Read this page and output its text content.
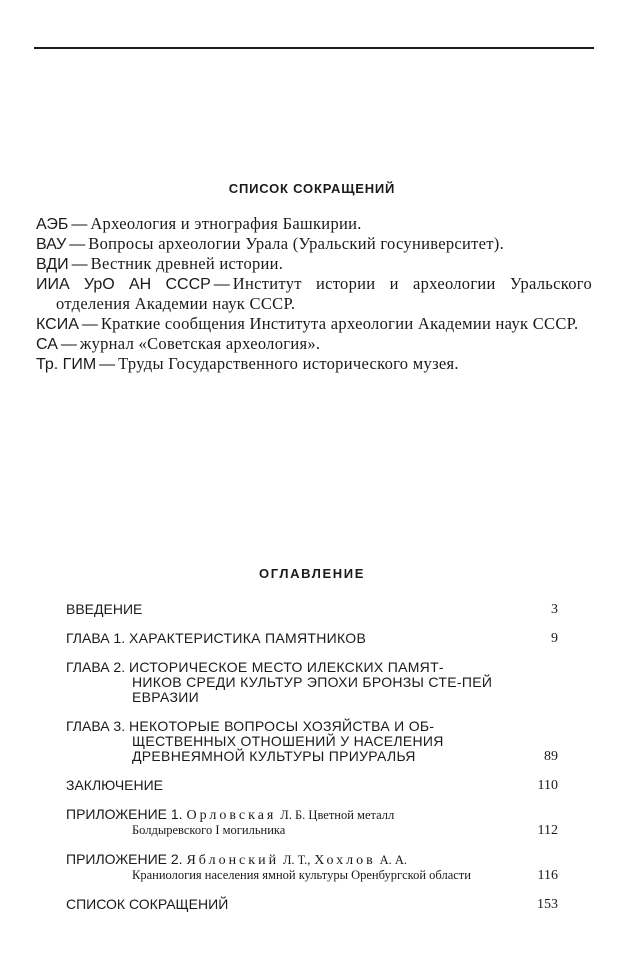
СПИСОК СОКРАЩЕНИЙ

АЭБ — Археология и этнография Башкирии.

ВАУ — Вопросы археологии Урала (Уральский госуниверситет).

ВДИ — Вестник древней истории.

ИИА УрО АН СССР — Институт истории и археологии Уральского отделения Академии наук СССР.

КСИА — Краткие сообщения Института археологии Академии наук СССР.

СА — журнал «Советская археология».

Тр. ГИМ — Труды Государственного исторического музея.

ОГЛАВЛЕНИЕ
ВВЕДЕНИЕ	3
ГЛАВА 1. ХАРАКТЕРИСТИКА ПАМЯТНИКОВ	9
ГЛАВА 2. ИСТОРИЧЕСКОЕ МЕСТО ИЛЕКСКИХ ПАМЯТ-
НИКОВ СРЕДИ КУЛЬТУР ЭПОХИ БРОНЗЫ СТЕ-ПЕЙ ЕВРАЗИИ
ГЛАВА 3. НЕКОТОРЫЕ ВОПРОСЫ ХОЗЯЙСТВА И ОБ-
ЩЕСТВЕННЫХ ОТНОШЕНИЙ У НАСЕЛЕНИЯ ДРЕВНЕЯМНОЙ КУЛЬТУРЫ ПРИУРАЛЬЯ	89
ЗАКЛЮЧЕНИЕ	110
ПРИЛОЖЕНИЕ 1. Орловская Л. Б. Цветной металл
Болдыревского I могильника	112
ПРИЛОЖЕНИЕ 2. Яблонский Л. Т., Хохлов А. А.
Краниология населения ямной культуры Оренбургской области	116
СПИСОК СОКРАЩЕНИЙ	153
